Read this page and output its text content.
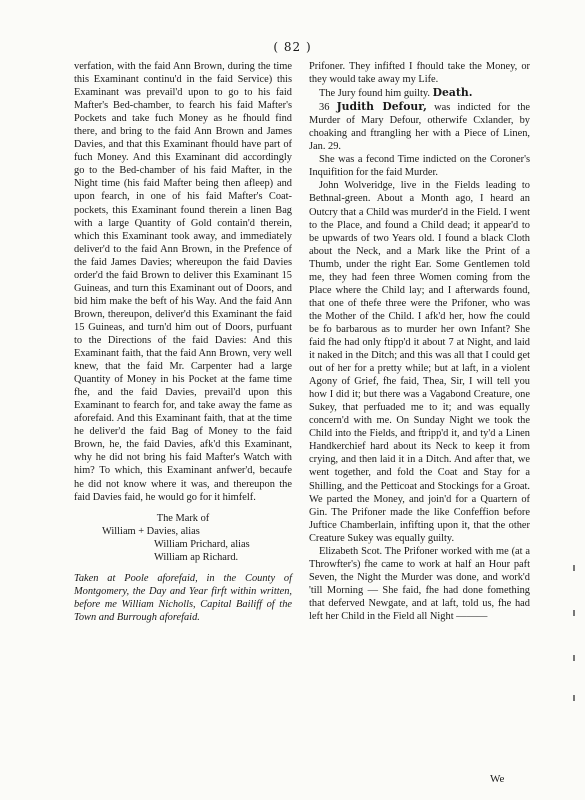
( 82 )

verfation, with the faid Ann Brown, during the time this Examinant continu'd in the faid Service) this Examinant was prevail'd upon to go to his faid Mafter's Bed-chamber, to fearch his faid Mafter's Pockets and take fuch Money as he fhould find there, and bring to the faid Ann Brown and James Davies, and that this Examinant fhould have part of fuch Money. And this Examinant did accordingly go to the Bed-chamber of his faid Mafter, in the Night time (his faid Mafter being then afleep) and upon fearch, in one of his faid Mafter's Coat-pockets, this Examinant found therein a linen Bag with a large Quantity of Gold contain'd therein, which this Examinant took away, and immediately deliver'd to the faid Ann Brown, in the Prefence of the faid James Davies; whereupon the faid Davies order'd the faid Brown to deliver this Examinant 15 Guineas, and turn this Examinant out of Doors, and bid him make the beft of his Way. And the faid Ann Brown, thereupon, deliver'd this Examinant the faid 15 Guineas, and turn'd him out of Doors, purfuant to the Directions of the faid Davies: And this Examinant faith, that the faid Ann Brown, very well knew, that the faid Mr. Carpenter had a large Quantity of Money in his Pocket at the fame time fhe, and the faid Davies, prevail'd upon this Examinant to fearch for, and take away the fame as aforefaid. And this Examinant faith, that at the time he deliver'd the faid Bag of Money to the faid Brown, he, the faid Davies, afk'd this Examinant, why he did not bring his faid Mafter's Watch with him? To which, this Examinant anfwer'd, becaufe he did not know where it was, and thereupon the faid Davies faid, he would go for it himfelf.

The Mark of
William + Davies, alias
William Prichard, alias
William ap Richard.

Taken at Poole aforefaid, in the County of Montgomery, the Day and Year firft within written, before me William Nicholls, Capital Bailiff of the Town and Burrough aforefaid.

Prifoner. They infifted I fhould take the Money, or they would take away my Life.

The Jury found him guilty. Death.

36 Judith Defour, was indicted for the Murder of Mary Defour, otherwife Cxlander, by choaking and ftrangling her with a Piece of Linen, Jan. 29.

She was a fecond Time indicted on the Coroner's Inquifition for the faid Murder.

John Wolveridge, live in the Fields leading to Bethnal-green. About a Month ago, I heard an Outcry that a Child was murder'd in the Field. I went to the Place, and found a Child dead; it appear'd to be upwards of two Years old. I found a black Cloth about the Neck, and a Mark like the Print of a Thumb, under the right Ear. Some Gentlemen told me, they had feen three Women coming from the Place where the Child lay; and I afterwards found, that one of thefe three were the Prifoner, who was the Mother of the Child. I afk'd her, how fhe could be fo barbarous as to murder her own Infant? She faid fhe had only ftipp'd it about 7 at Night, and laid it naked in the Ditch; and this was all that I could get out of her for a pretty while; but at laft, in a violent Agony of Grief, fhe faid, Thea, Sir, I will tell you how I did it; but there was a Vagabond Creature, one Sukey, that perfuaded me to it; and was equally concern'd with me. On Sunday Night we took the Child into the Fields, and ftripp'd it, and ty'd a Linen Handkerchief hard about its Neck to keep it from crying, and then laid it in a Ditch. And after that, we went together, and fold the Coat and Stay for a Shilling, and the Petticoat and Stockings for a Groat. We parted the Money, and join'd for a Quartern of Gin. The Prifoner made the like Confeffion before Juftice Chamberlain, infifting upon it, that the other Creature Sukey was equally guilty.

Elizabeth Scot. The Prifoner worked with me (at a Throwfter's) fhe came to work at half an Hour paft Seven, the Night the Murder was done, and work'd 'till Morning — She faid, fhe had done fomething that deferved Newgate, and at laft, told us, fhe had left her Child in the Field all Night ———

We
